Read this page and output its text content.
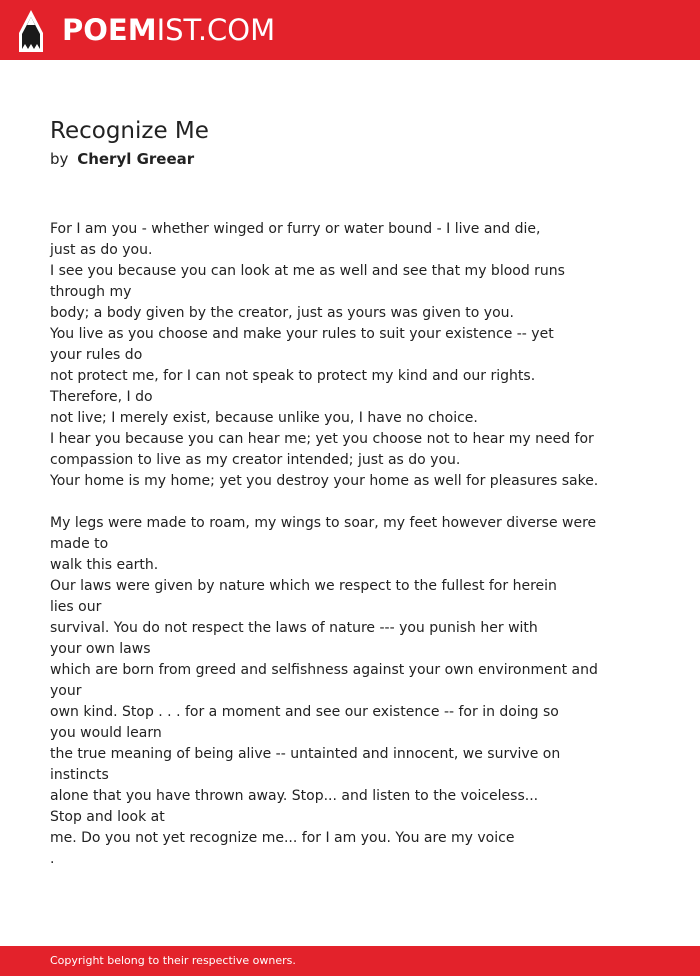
POEMIST.COM
Recognize Me
by Cheryl Greear

For I am you - whether winged or furry or water bound - I live and die,
just as do you.
I see you because you can look at me as well and see that my blood runs
through my
body; a body given by the creator, just as yours was given to you.
You live as you choose and make your rules to suit your existence -- yet
your rules do
not protect me, for I can not speak to protect my kind and our rights.
Therefore, I do
not live; I merely exist, because unlike you, I have no choice.
I hear you because you can hear me; yet you choose not to hear my need for
compassion to live as my creator intended; just as do you.
Your home is my home; yet you destroy your home as well for pleasures sake.

My legs were made to roam, my wings to soar, my feet however diverse were
made to
walk this earth.
Our laws were given by nature which we respect to the fullest for herein
lies our
survival. You do not respect the laws of nature --- you punish her with
your own laws
which are born from greed and selfishness against your own environment and
your
own kind. Stop . . . for a moment and see our existence -- for in doing so
you would learn
the true meaning of being alive -- untainted and innocent, we survive on
instincts
alone that you have thrown away. Stop... and listen to the voiceless...
Stop and look at
me. Do you not yet recognize me... for I am you. You are my voice
.

Copyright belong to their respective owners.
